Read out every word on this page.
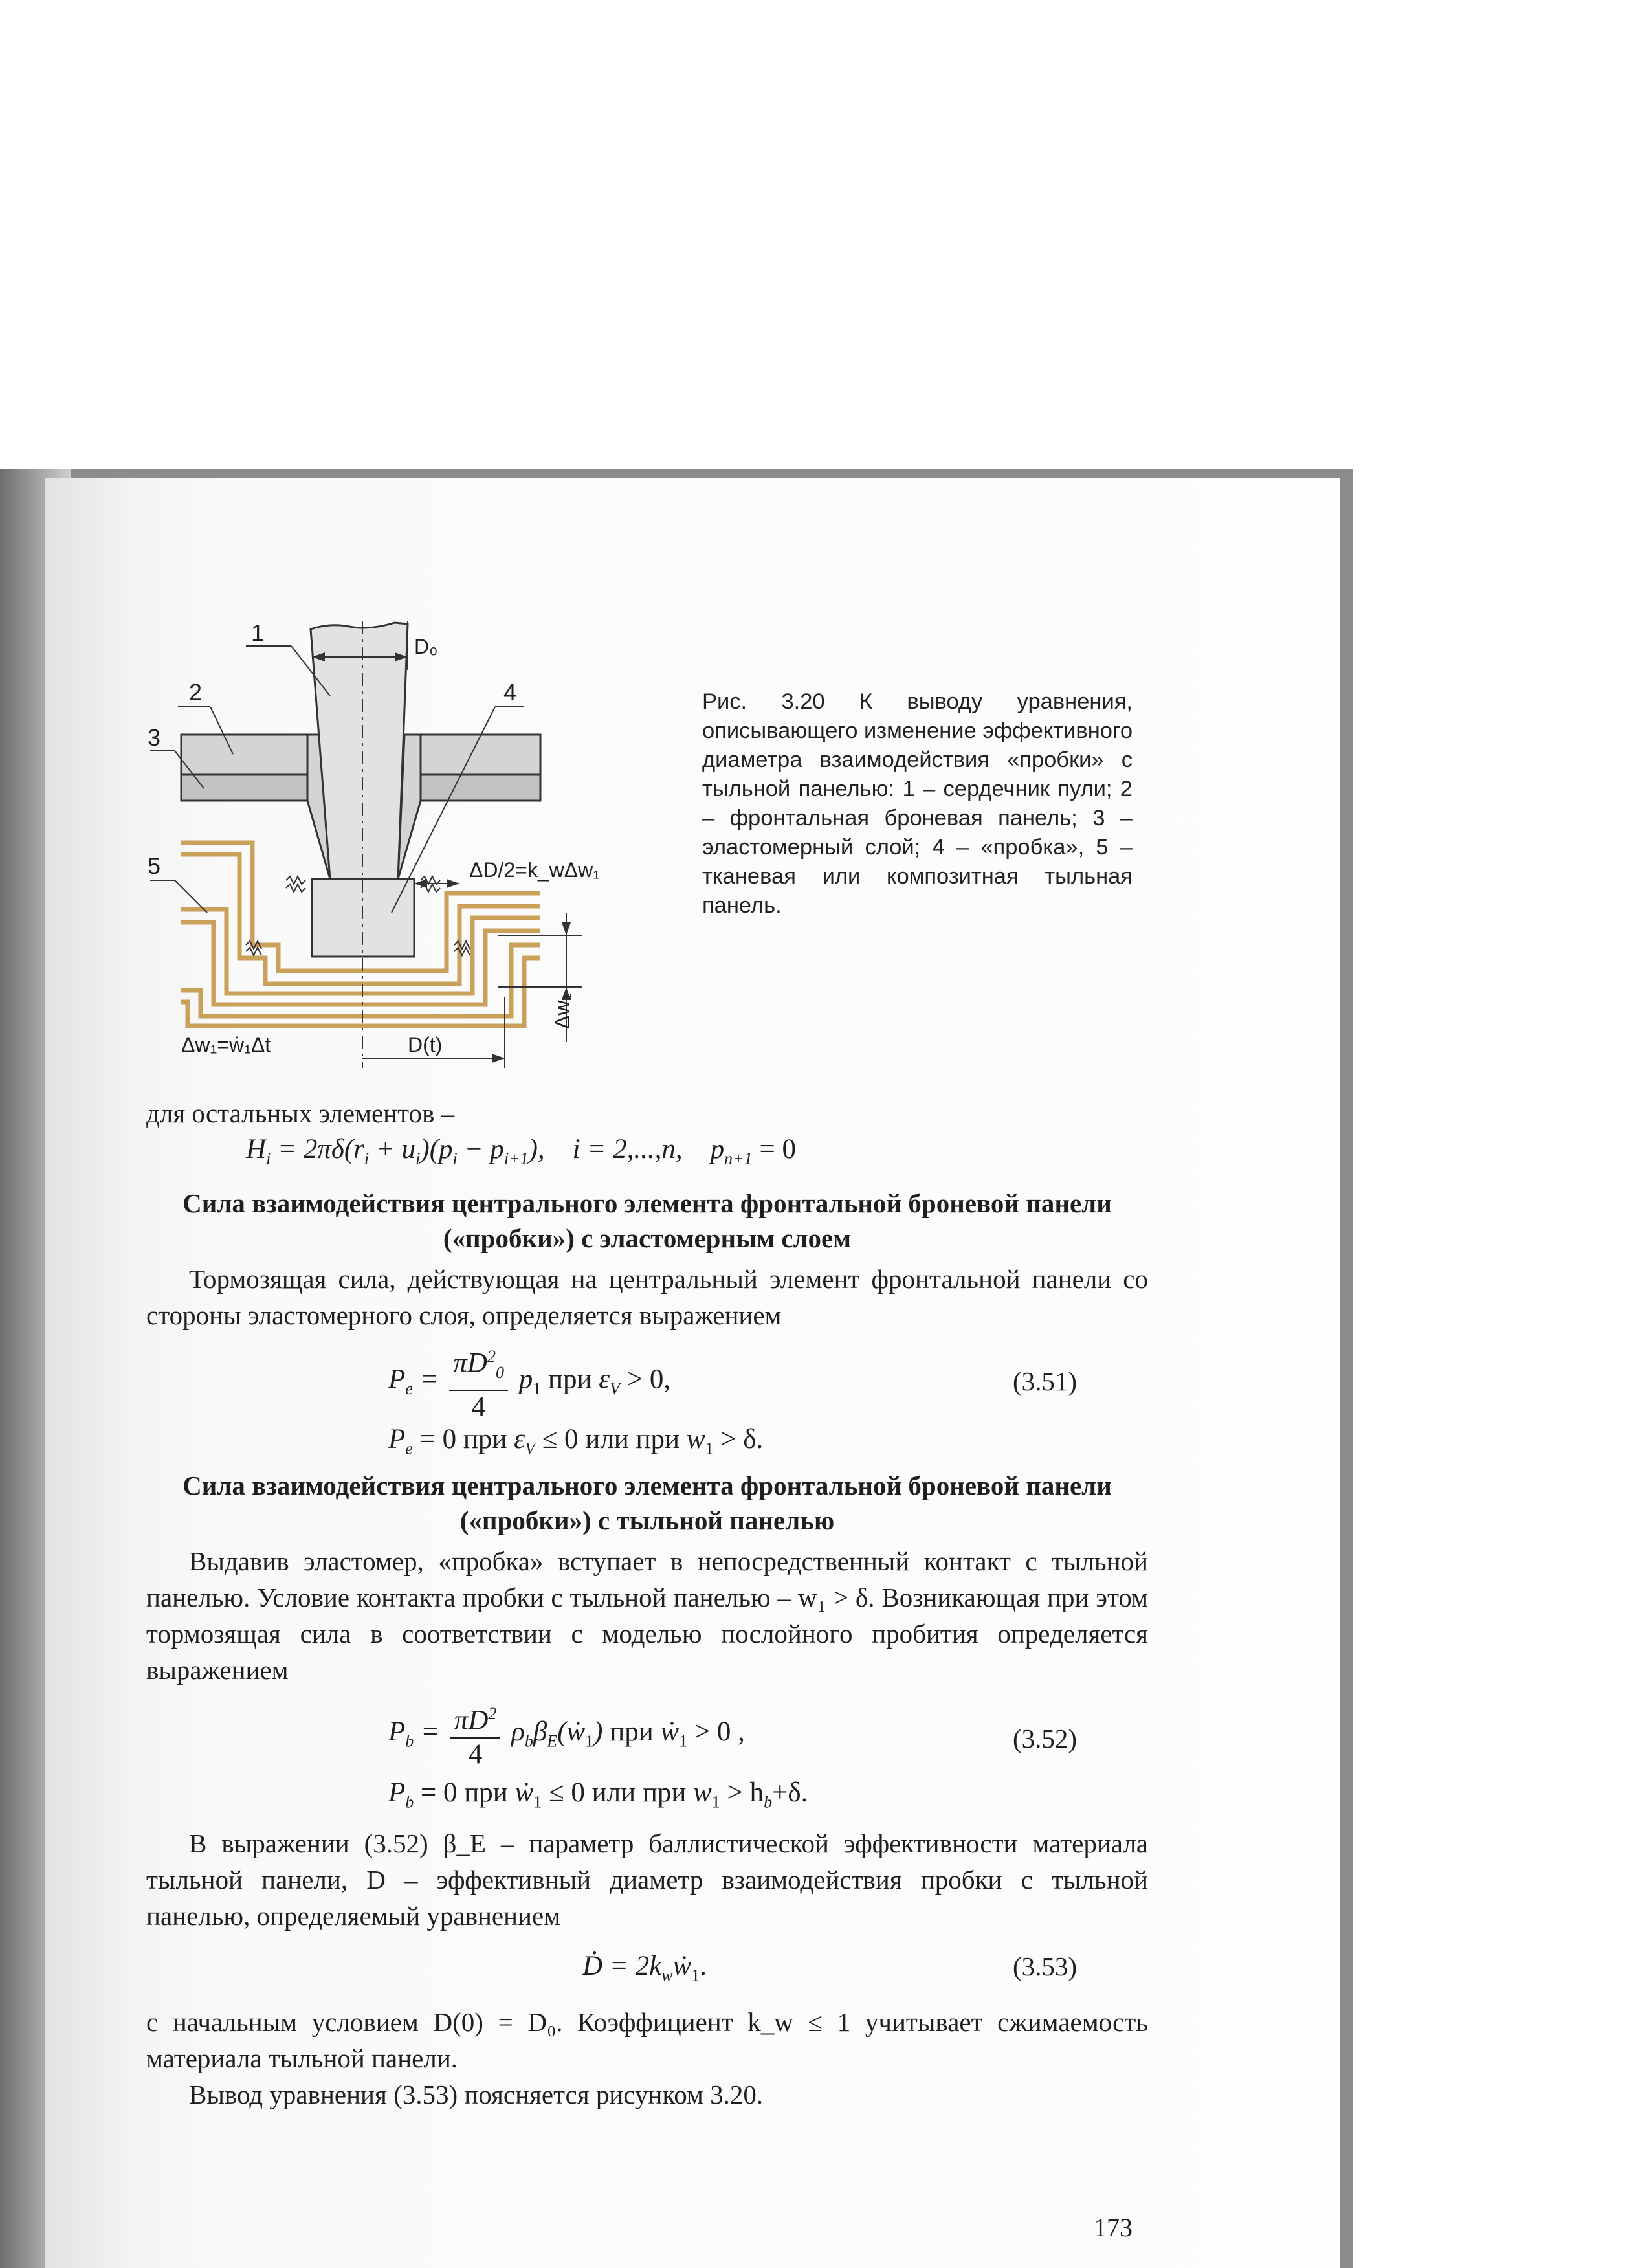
1
2
3
4
5
D₀
ΔD/2=k_wΔw₁
Δw₁=ẇ₁Δt	D(t)
Δw₁
Рис. 3.20 К выводу уравнения, описывающего изменение эффективного диаметра взаимодействия «пробки» с тыльной панелью: 1 – сердечник пули; 2 – фронтальная броневая панель; 3 – эластомерный слой; 4 – «пробка», 5 – тканевая или композитная тыльная панель.
для остальных элементов –
$H_i = 2\pi\delta(r_i + u_i)(p_i - p_{i+1})$, i = 2,...,n, $p_{n+1} = 0$
Сила взаимодействия центрального элемента фронтальной броневой панели («пробки») с эластомерным слоем
Тормозящая сила, действующая на центральный элемент фронтальной панели со стороны эластомерного слоя, определяется выражением
$P_e = \frac{\pi D^2_0}{4} p_1$ при $\varepsilon_V > 0$,	(3.51)
$P_e = 0$ при $\varepsilon_V \le 0$ или при $w_1 > \delta$.
Сила взаимодействия центрального элемента фронтальной броневой панели («пробки») с тыльной панелью
Выдавив эластомер, «пробка» вступает в непосредственный контакт с тыльной панелью. Условие контакта пробки с тыльной панелью – w₁ > δ. Возникающая при этом тормозящая сила в соответствии с моделью послойного пробития определяется выражением
$P_b = \frac{\pi D^2}{4}$ $\rho_b\beta_E(ẇ_1)$ при ẇ$_1$ > 0 ,	(3.52)
$P_b = 0$ при ẇ$_1$ ≤ 0 или при $w_1 > h_b+\delta$.
В выражении (3.52) β_E – параметр баллистической эффективности материала тыльной панели, D – эффективный диаметр взаимодействия пробки с тыльной панелью, определяемый уравнением
Ḋ = $2k_wẇ_1$.	(3.53)
с начальным условием D(0) = D₀. Коэффициент k_w ≤ 1 учитывает сжимаемость материала тыльной панели.
Вывод уравнения (3.53) поясняется рисунком 3.20.
173
